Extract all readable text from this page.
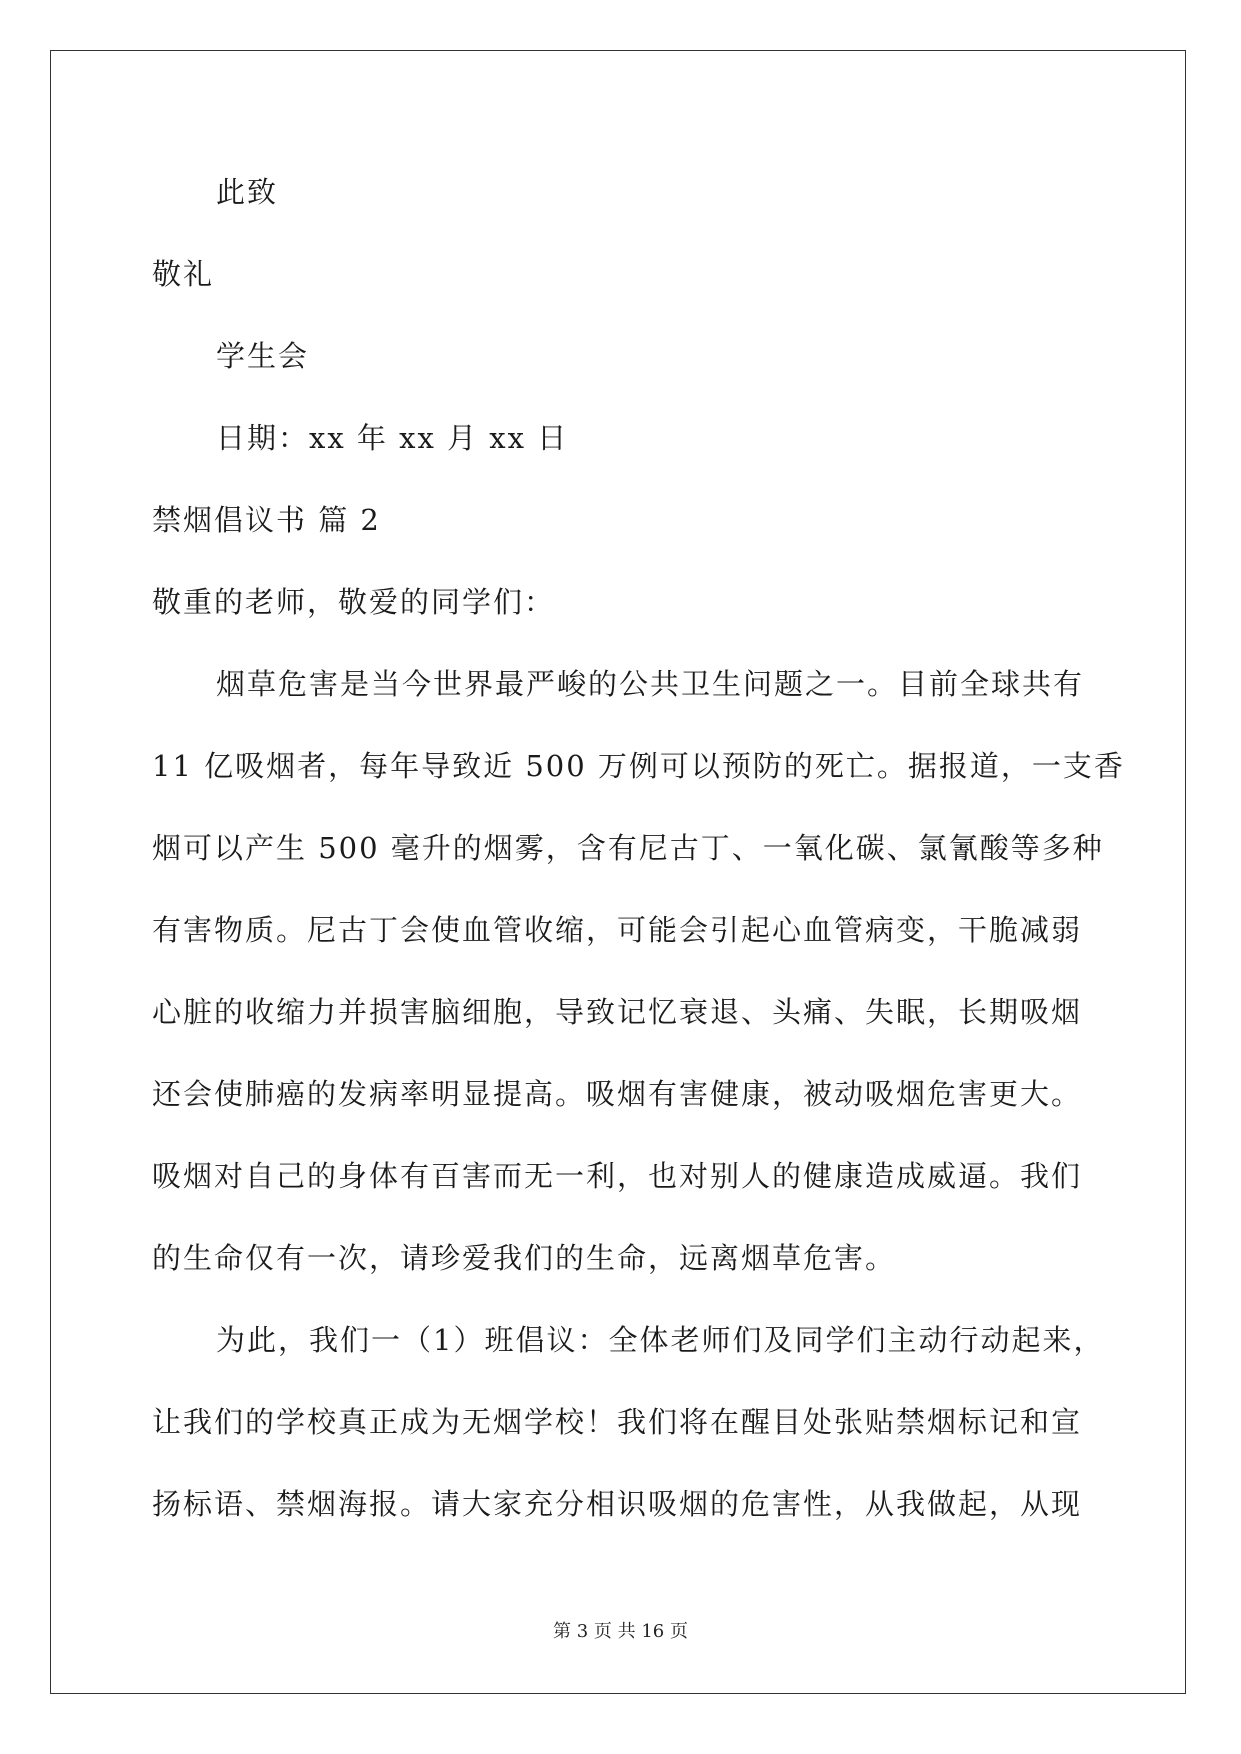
此致
敬礼
学生会
日期：xx 年 xx 月 xx 日
禁烟倡议书 篇 2
敬重的老师，敬爱的同学们：
烟草危害是当今世界最严峻的公共卫生问题之一。目前全球共有
11 亿吸烟者，每年导致近 500 万例可以预防的死亡。据报道，一支香
烟可以产生 500 毫升的烟雾，含有尼古丁、一氧化碳、氯氰酸等多种
有害物质。尼古丁会使血管收缩，可能会引起心血管病变，干脆减弱
心脏的收缩力并损害脑细胞，导致记忆衰退、头痛、失眠，长期吸烟
还会使肺癌的发病率明显提高。吸烟有害健康，被动吸烟危害更大。
吸烟对自己的身体有百害而无一利，也对别人的健康造成威逼。我们
的生命仅有一次，请珍爱我们的生命，远离烟草危害。
为此，我们一（1）班倡议：全体老师们及同学们主动行动起来，
让我们的学校真正成为无烟学校！我们将在醒目处张贴禁烟标记和宣
扬标语、禁烟海报。请大家充分相识吸烟的危害性，从我做起，从现
第 3 页 共 16 页
